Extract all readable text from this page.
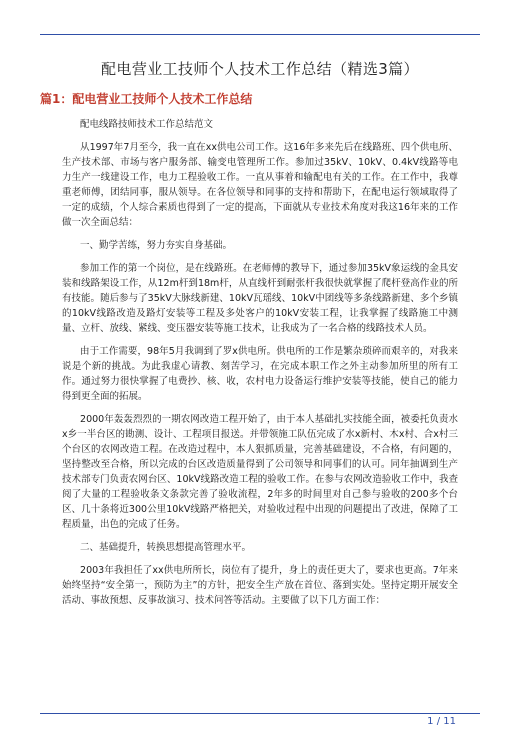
配电营业工技师个人技术工作总结（精选3篇）
篇1：配电营业工技师个人技术工作总结

配电线路技师技术工作总结范文

从1997年7月至今，我一直在xx供电公司工作。这16年多来先后在线路班、四个供电所、生产技术部、市场与客户服务部、输变电管理所工作。参加过35kV、10kV、0.4kV线路等电力生产一线建设工作，电力工程验收工作。一直从事着和输配电有关的工作。在工作中，我尊重老师傅，团结同事，服从领导。在各位领导和同事的支持和帮助下，在配电运行领域取得了一定的成绩，个人综合素质也得到了一定的提高，下面就从专业技术角度对我这16年来的工作做一次全面总结：

一、勤学苦练，努力夯实自身基础。

参加工作的第一个岗位，是在线路班。在老师傅的教导下，通过参加35kV象运线的金具安装和线路架设工作，从12m杆到18m杆，从直线杆到耐张杆我很快就掌握了爬杆登高作业的所有技能。随后参与了35kV大脉线新建、10kV瓦瑶线、10kV中团线等多条线路新建、多个乡镇的10kV线路改造及路灯安装等工程及多处客户的10kV安装工程，让我掌握了线路施工中测量、立杆、放线、紧线、变压器安装等施工技术，让我成为了一名合格的线路技术人员。

由于工作需要，98年5月我调到了罗x供电所。供电所的工作是繁杂琐碎而艰辛的，对我来说是个新的挑战。为此我虚心请教、刻苦学习，在完成本职工作之外主动参加所里的所有工作。通过努力很快掌握了电费抄、核、收，农村电力设备运行维护安装等技能，使自己的能力得到更全面的拓展。

2000年轰轰烈烈的一期农网改造工程开始了，由于本人基础扎实技能全面，被委托负责水x乡一半台区的勘测、设计、工程项目报送。并带领施工队伍完成了水x新村、木x村、合x村三个台区的农网改造工程。在改造过程中，本人狠抓质量，完善基础建设，不合格，有问题的，坚持整改至合格，所以完成的台区改造质量得到了公司领导和同事们的认可。同年抽调到生产技术部专门负责农网台区、10kV线路改造工程的验收工作。在参与农网改造验收工作中，我查阅了大量的工程验收条文条款完善了验收流程，2年多的时间里对自己参与验收的200多个台区、几十条将近300公里10kV线路严格把关，对验收过程中出现的问题提出了改进，保障了工程质量，出色的完成了任务。

二、基础提升，转换思想提高管理水平。

2003年我担任了xx供电所所长，岗位有了提升，身上的责任更大了，要求也更高。7年来始终坚持“安全第一，预防为主”的方针，把安全生产放在首位、落到实处。坚持定期开展安全活动、事故预想、反事故演习、技术问答等活动。主要做了以下几方面工作：

1 / 11
